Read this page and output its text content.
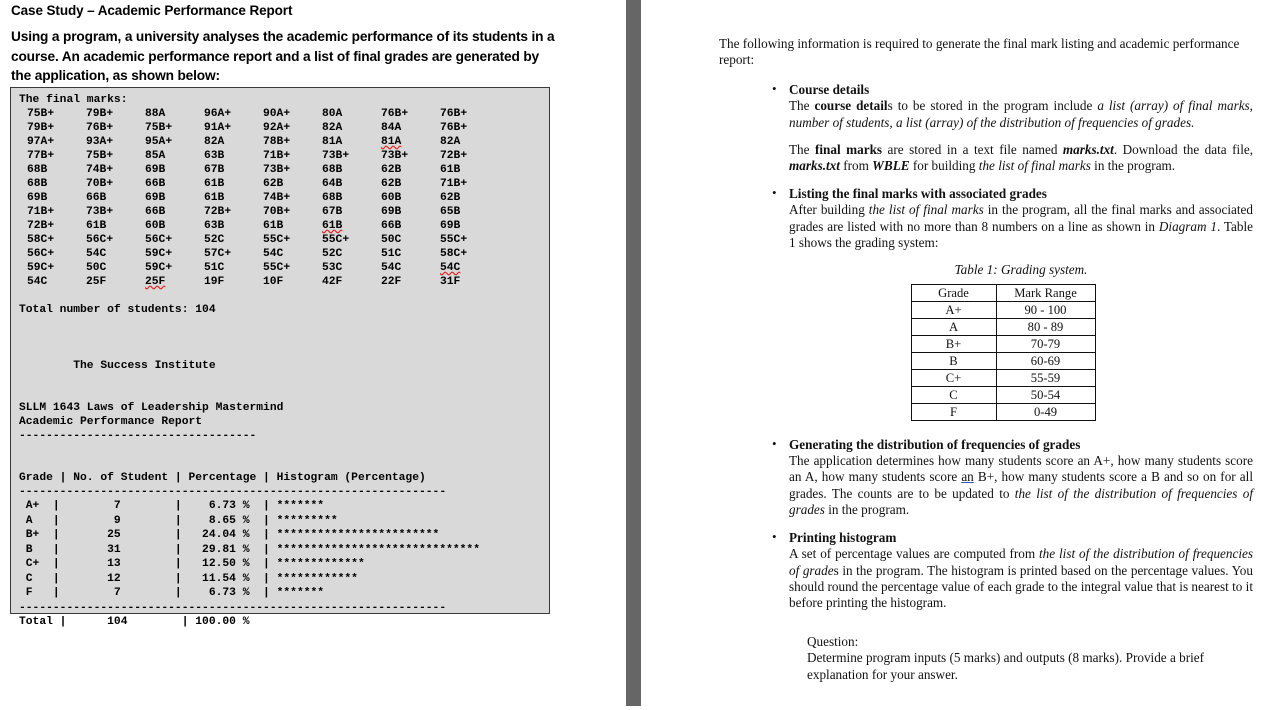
Case Study – Academic Performance Report
Using a program, a university analyses the academic performance of its students in a course. An academic performance report and a list of final grades are generated by the application, as shown below:
The final marks:
75B+	79B+	88A	96A+	90A+	80A	76B+	76B+
79B+	76B+	75B+	91A+	92A+	82A	84A	76B+
97A+	93A+	95A+	82A	78B+	81A	81A	82A
77B+	75B+	85A	63B	71B+	73B+	73B+	72B+
68B	74B+	69B	67B	73B+	68B	62B	61B
68B	70B+	66B	61B	62B	64B	62B	71B+
69B	66B	69B	61B	74B+	68B	60B	62B
71B+	73B+	66B	72B+	70B+	67B	69B	65B
72B+	61B	60B	63B	61B	61B	66B	69B
58C+	56C+	56C+	52C	55C+	55C+	50C	55C+
56C+	54C	59C+	57C+	54C	52C	51C	58C+
59C+	50C	59C+	51C	55C+	53C	54C	54C
54C	25F	25F	19F	10F	42F	22F	31F
Total number of students: 104
The Success Institute
SLLM 1643 Laws of Leadership Mastermind
Academic Performance Report
-----------------------------------
Grade | No. of Student | Percentage | Histogram (Percentage)
---------------------------------------------------------------
A+  |        7        |    6.73 %  | *******
A   |        9        |    8.65 %  | *********
B+  |       25        |   24.04 %  | ************************
B   |       31        |   29.81 %  | ******************************
C+  |       13        |   12.50 %  | *************
C   |       12        |   11.54 %  | ************
F   |        7        |    6.73 %  | *******
---------------------------------------------------------------
Total |      104        | 100.00 %

The following information is required to generate the final mark listing and academic performance report:

• Course details
The course details to be stored in the program include a list (array) of final marks, number of students, a list (array) of the distribution of frequencies of grades.
The final marks are stored in a text file named marks.txt. Download the data file, marks.txt from WBLE for building the list of final marks in the program.
• Listing the final marks with associated grades
After building the list of final marks in the program, all the final marks and associated grades are listed with no more than 8 numbers on a line as shown in Diagram 1. Table 1 shows the grading system:
Table 1: Grading system.
Grade	Mark Range
A+	90 - 100
A	80 - 89
B+	70-79
B	60-69
C+	55-59
C	50-54
F	0-49
• Generating the distribution of frequencies of grades
The application determines how many students score an A+, how many students score an A, how many students score an B+, how many students score a B and so on for all grades. The counts are to be updated to the list of the distribution of frequencies of grades in the program.
• Printing histogram
A set of percentage values are computed from the list of the distribution of frequencies of grades in the program. The histogram is printed based on the percentage values. You should round the percentage value of each grade to the integral value that is nearest to it before printing the histogram.
Question:
Determine program inputs (5 marks) and outputs (8 marks). Provide a brief explanation for your answer.
